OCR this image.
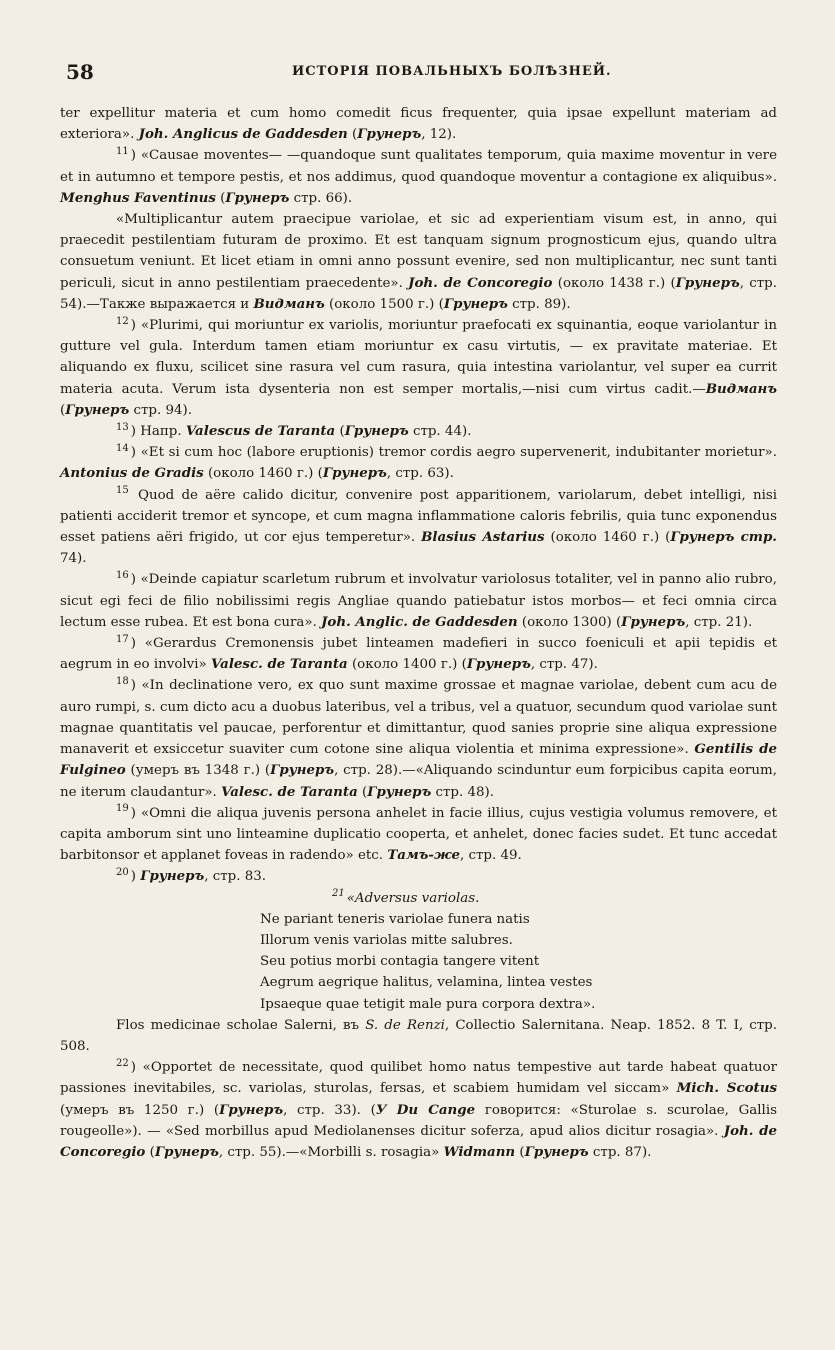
58	ИСТОРІЯ ПОВАЛЬНЫХЪ БОЛѢЗНЕЙ.

ter expellitur materia et cum homo comedit ficus frequenter, quia ipsae expellunt materiam ad exteriora». Joh. Anglicus de Gaddesden (Грунеръ, 12).

$^{11}$ ) «Causae moventes— —quandoque sunt qualitates temporum, quia maxime moventur in vere et in autumno et tempore pestis, et nos addimus, quod quandoque moventur a contagione ex aliquibus». Menghus Faventinus (Грунеръ стр. 66).

«Multiplicantur autem praecipue variolae, et sic ad experientiam visum est, in anno, qui praecedit pestilentiam futuram de proximo. Et est tanquam signum prognosticum ejus, quando ultra consuetum veniunt. Et licet etiam in omni anno possunt evenire, sed non multiplicantur, nec sunt tanti periculi, sicut in anno pestilentiam praecedente». Joh. de Concoregio (около 1438 г.) (Грунеръ, стр. 54).—Также выражается и Видманъ (около 1500 г.) (Грунеръ стр. 89).

$^{12}$ ) «Plurimi, qui moriuntur ex variolis, moriuntur praefocati ex squinantia, eoque variolantur in gutture vel gula. Interdum tamen etiam moriuntur ex casu virtutis, — ex pravitate materiae. Et aliquando ex fluxu, scilicet sine rasura vel cum rasura, quia intestina variolantur, vel super ea currit materia acuta. Verum ista dysenteria non est semper mortalis,—nisi cum virtus cadit.—Видманъ (Грунеръ стр. 94).

$^{13}$ ) Напр. Valescus de Taranta (Грунеръ стр. 44).

$^{14}$ ) «Et si cum hoc (labore eruptionis) tremor cordis aegro supervenerit, indubitanter morietur». Antonius de Gradis (около 1460 г.) (Грунеръ, стр. 63).

$^{15}$ Quod de aëre calido dicitur, convenire post apparitionem, variolarum, debet intelligi, nisi patienti acciderit tremor et syncope, et cum magna inflammatione caloris febrilis, quia tunc exponendus esset patiens aëri frigido, ut cor ejus temperetur». Blasius Astarius (около 1460 г.) (Грунеръ стр. 74).

$^{16}$ ) «Deinde capiatur scarletum rubrum et involvatur variolosus totaliter, vel in panno alio rubro, sicut egi feci de filio nobilissimi regis Angliae quando patiebatur istos morbos— et feci omnia circa lectum esse rubea. Et est bona cura». Joh. Anglic. de Gaddesden (около 1300) (Грунеръ, стр. 21).

$^{17}$ ) «Gerardus Cremonensis jubet linteamen madefieri in succo foeniculi et apii tepidis et aegrum in eo involvi» Valesc. de Taranta (около 1400 г.) (Грунеръ, стр. 47).

$^{18}$ ) «In declinatione vero, ex quo sunt maxime grossae et magnae variolae, debent cum acu de auro rumpi, s. cum dicto acu a duobus lateribus, vel a tribus, vel a quatuor, secundum quod variolae sunt magnae quantitatis vel paucae, perforentur et dimittantur, quod sanies proprie sine aliqua expressione manaverit et exsiccetur suaviter cum cotone sine aliqua violentia et minima expressione». Gentilis de Fulgineo (умеръ въ 1348 г.) (Грунеръ, стр. 28).—«Aliquando scinduntur eum forpicibus capita eorum, ne iterum claudantur». Valesc. de Taranta (Грунеръ стр. 48).

$^{19}$ ) «Omni die aliqua juvenis persona anhelet in facie illius, cujus vestigia volumus removere, et capita amborum sint uno linteamine duplicatio cooperta, et anhelet, donec facies sudet. Et tunc accedat barbitonsor et applanet foveas in radendo» etc. Тамъ-же, стр. 49.

$^{20}$ ) Грунеръ, стр. 83.

$^{21}$ «Adversus variolas.
Ne pariant teneris variolae funera natis
Illorum venis variolas mitte salubres.
Seu potius morbi contagia tangere vitent
Aegrum aegrique halitus, velamina, lintea vestes
Ipsaeque quae tetigit male pura corpora dextra».

Flos medicinae scholae Salerni, въ S. de Renzi, Collectio Salernitana. Neap. 1852. 8 T. I, стр. 508.

$^{22}$ ) «Opportet de necessitate, quod quilibet homo natus tempestive aut tarde habeat quatuor passiones inevitabiles, sc. variolas, sturolas, fersas, et scabiem humidam vel siccam» Mich. Scotus (умеръ въ 1250 г.) (Грунеръ, стр. 33). (У Du Cange говорится: «Sturolae s. scurolae, Gallis rougeolle»). — «Sed morbillus apud Mediolanenses dicitur soferza, apud alios dicitur rosagia». Joh. de Concoregio (Грунеръ, стр. 55).—«Morbilli s. rosagia» Widmann (Грунеръ стр. 87).
